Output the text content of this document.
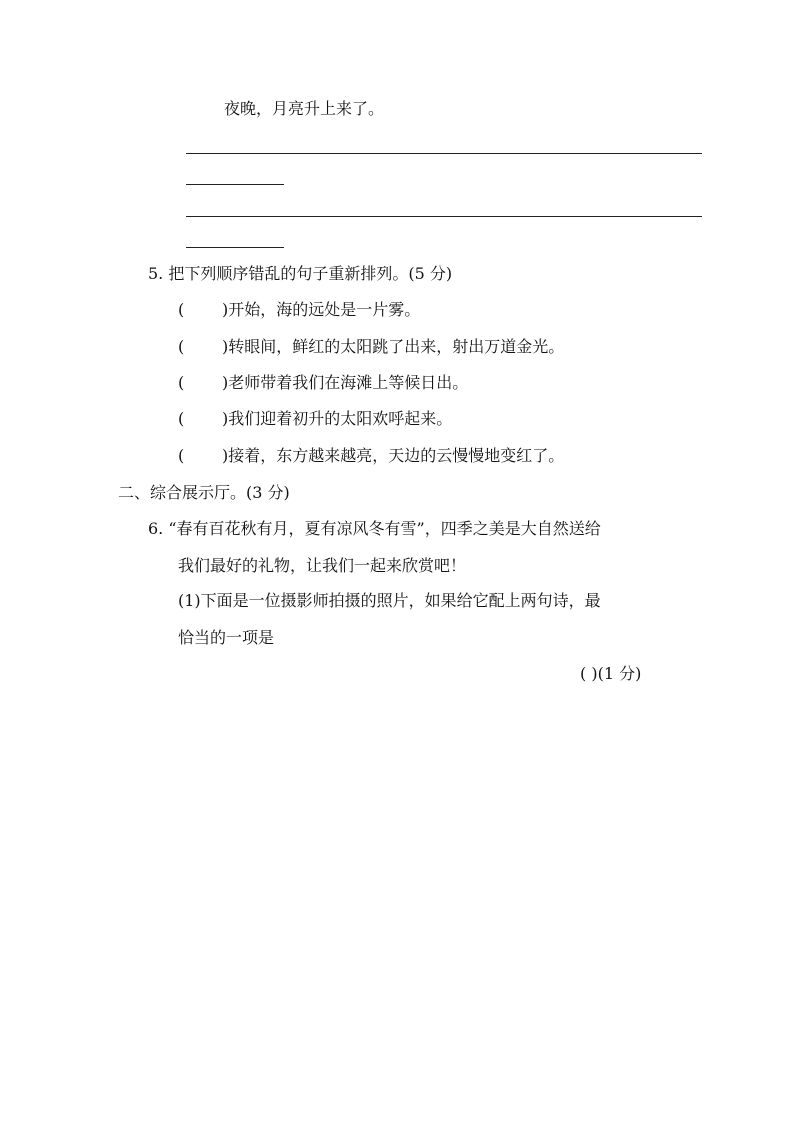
夜晚，月亮升上来了。
5. 把下列顺序错乱的句子重新排列。(5 分)
( )开始，海的远处是一片雾。
( )转眼间，鲜红的太阳跳了出来，射出万道金光。
( )老师带着我们在海滩上等候日出。
( )我们迎着初升的太阳欢呼起来。
( )接着，东方越来越亮，天边的云慢慢地变红了。
二、综合展示厅。(3 分)
6. “春有百花秋有月，夏有凉风冬有雪”，四季之美是大自然送给
我们最好的礼物，让我们一起来欣赏吧！
(1)下面是一位摄影师拍摄的照片，如果给它配上两句诗，最
恰当的一项是
( )(1 分)
